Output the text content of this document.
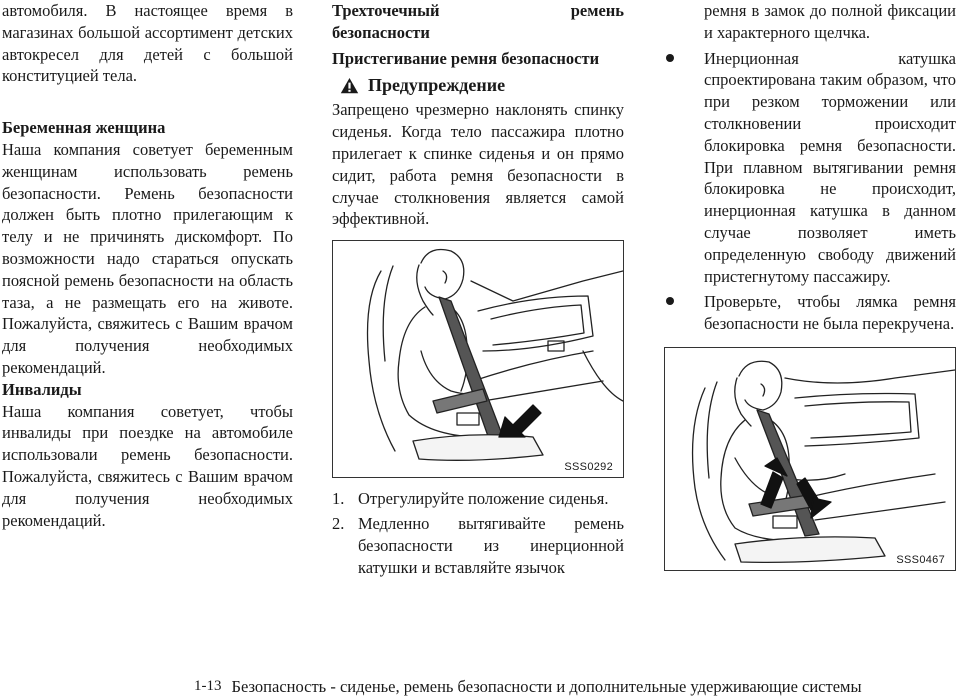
автомобиля. В настоящее время в магазинах большой ассортимент детских автокресел для детей с большой конституцией тела.

Беременная женщина

Наша компания советует беременным женщинам использовать ремень безопасности. Ремень безопасности должен быть плотно прилегающим к телу и не причинять дискомфорт. По возможности надо стараться опускать поясной ремень безопасности на область таза, а не размещать его на животе. Пожалуйста, свяжитесь с Вашим врачом для получения необходимых рекомендаций.

Инвалиды

Наша компания советует, чтобы инвалиды при поездке на автомобиле использовали ремень безопасности. Пожалуйста, свяжитесь с Вашим врачом для получения необходимых рекомендаций.

Трехточечный	ремень
безопасности
Пристегивание ремня безопасности
Предупреждение

Запрещено чрезмерно наклонять спинку сиденья. Когда тело пассажира плотно прилегает к спинке сиденья и он прямо сидит, работа ремня безопасности в случае столкновения является самой эффективной.

SSS0292
1. Отрегулируйте положение сиденья.

2. Медленно вытягивайте ремень безопасности из инерционной катушки и вставляйте язычок

ремня в замок до полной фиксации и характерного щелчка.

Инерционная катушка спроектирована таким образом, что при резком торможении или столкновении происходит блокировка ремня безопасности. При плавном вытягивании ремня блокировка не происходит, инерционная катушка в данном случае позволяет иметь определенную свободу движений пристегнутому пассажиру.

Проверьте, чтобы лямка ремня безопасности не была перекручена.

SSS0467
1-13 Безопасность - сиденье, ремень безопасности и дополнительные удерживающие системы
